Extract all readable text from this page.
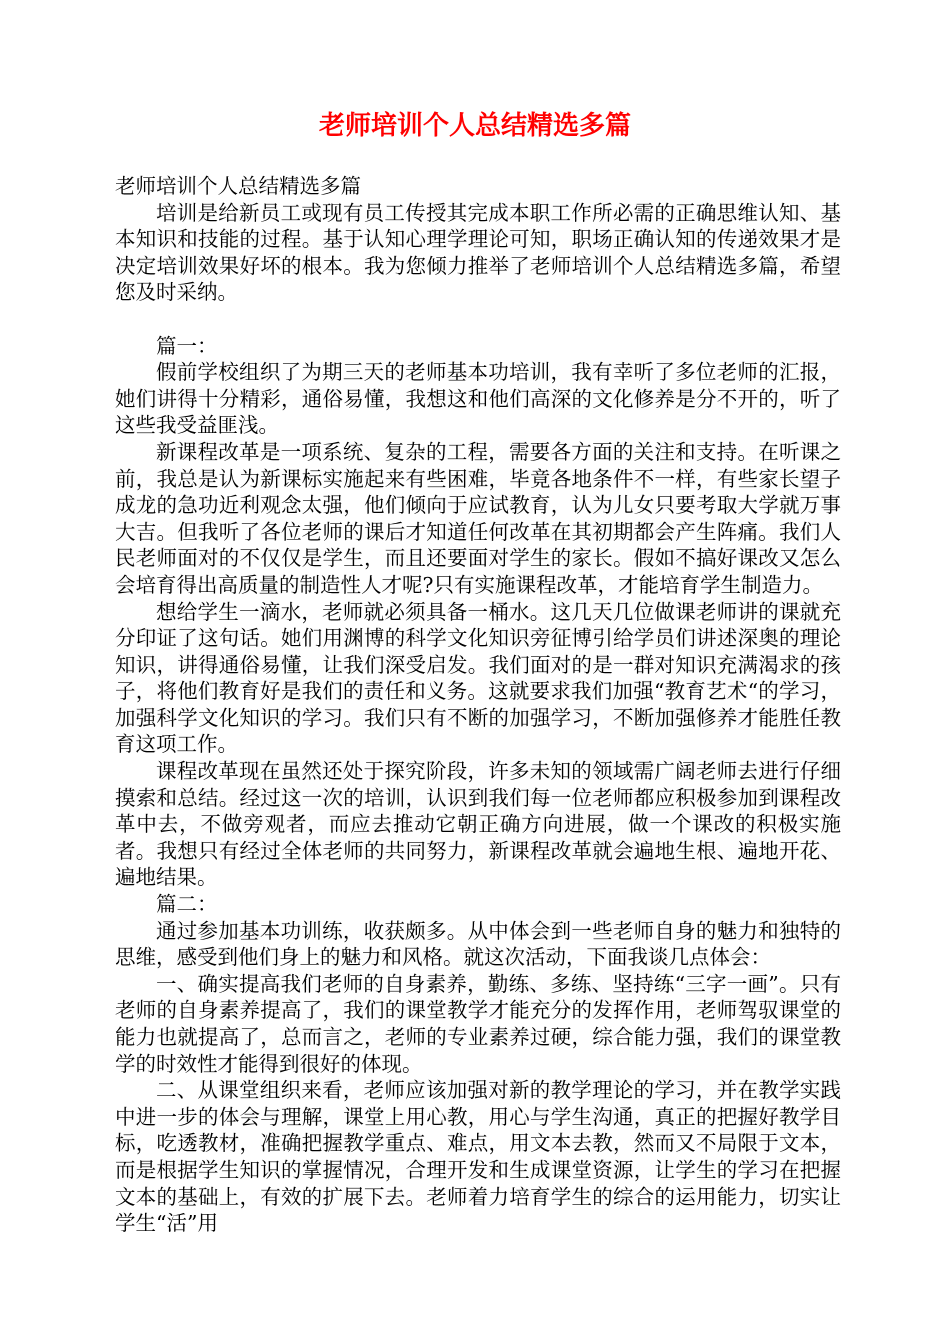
老师培训个人总结精选多篇

老师培训个人总结精选多篇

培训是给新员工或现有员工传授其完成本职工作所必需的正确思维认知、基本知识和技能的过程。基于认知心理学理论可知，职场正确认知的传递效果才是决定培训效果好坏的根本。我为您倾力推举了老师培训个人总结精选多篇，希望您及时采纳。

篇一：

假前学校组织了为期三天的老师基本功培训，我有幸听了多位老师的汇报，她们讲得十分精彩，通俗易懂，我想这和他们高深的文化修养是分不开的，听了这些我受益匪浅。

新课程改革是一项系统、复杂的工程，需要各方面的关注和支持。在听课之前，我总是认为新课标实施起来有些困难，毕竟各地条件不一样，有些家长望子成龙的急功近利观念太强，他们倾向于应试教育，认为儿女只要考取大学就万事大吉。但我听了各位老师的课后才知道任何改革在其初期都会产生阵痛。我们人民老师面对的不仅仅是学生，而且还要面对学生的家长。假如不搞好课改又怎么会培育得出高质量的制造性人才呢?只有实施课程改革，才能培育学生制造力。

想给学生一滴水，老师就必须具备一桶水。这几天几位做课老师讲的课就充分印证了这句话。她们用渊博的科学文化知识旁征博引给学员们讲述深奥的理论知识，讲得通俗易懂，让我们深受启发。我们面对的是一群对知识充满渴求的孩子，将他们教育好是我们的责任和义务。这就要求我们加强“教育艺术“的学习，加强科学文化知识的学习。我们只有不断的加强学习，不断加强修养才能胜任教育这项工作。

课程改革现在虽然还处于探究阶段，许多未知的领域需广阔老师去进行仔细摸索和总结。经过这一次的培训，认识到我们每一位老师都应积极参加到课程改革中去，不做旁观者，而应去推动它朝正确方向进展，做一个课改的积极实施者。我想只有经过全体老师的共同努力，新课程改革就会遍地生根、遍地开花、遍地结果。

篇二：

通过参加基本功训练，收获颇多。从中体会到一些老师自身的魅力和独特的思维，感受到他们身上的魅力和风格。就这次活动，下面我谈几点体会：

一、确实提高我们老师的自身素养，勤练、多练、坚持练“三字一画”。只有老师的自身素养提高了，我们的课堂教学才能充分的发挥作用，老师驾驭课堂的能力也就提高了，总而言之，老师的专业素养过硬，综合能力强，我们的课堂教学的时效性才能得到很好的体现。

二、从课堂组织来看，老师应该加强对新的教学理论的学习，并在教学实践中进一步的体会与理解，课堂上用心教，用心与学生沟通，真正的把握好教学目标，吃透教材，准确把握教学重点、难点，用文本去教，然而又不局限于文本，而是根据学生知识的掌握情况，合理开发和生成课堂资源，让学生的学习在把握文本的基础上，有效的扩展下去。老师着力培育学生的综合的运用能力，切实让学生“活”用
